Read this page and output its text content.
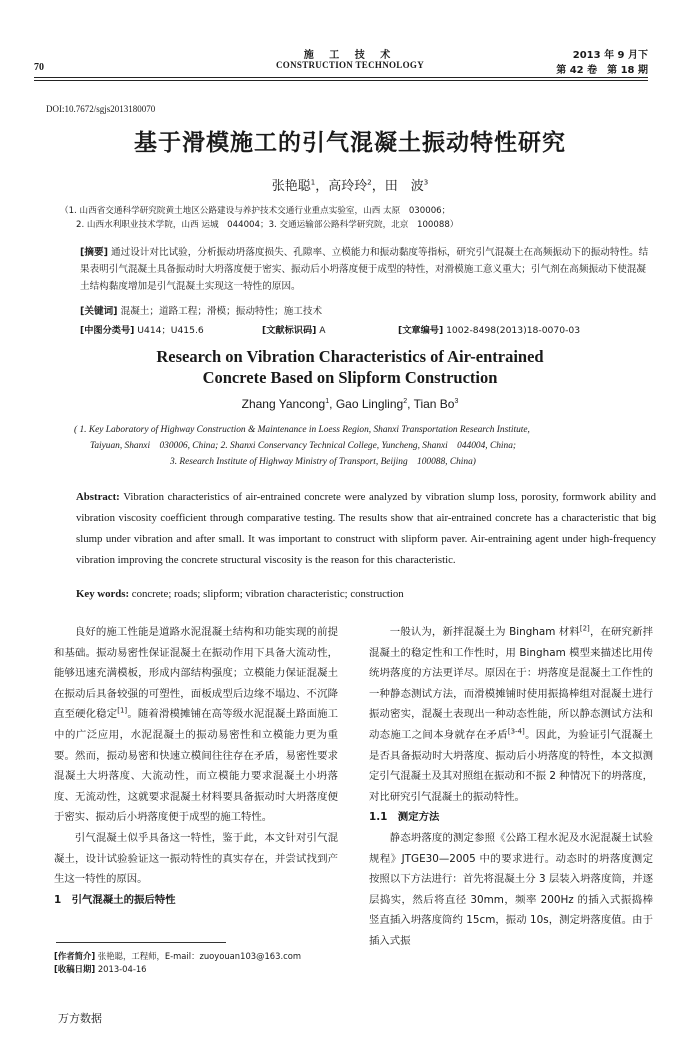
施 工 技 术
CONSTRUCTION TECHNOLOGY
70
2013 年 9 月下
第 42 卷　第 18 期
DOI:10.7672/sgjs2013180070
基于滑模施工的引气混凝土振动特性研究
张艳聪$^1$，高玲玲$^2$，田　波$^3$
（1. 山西省交通科学研究院黄土地区公路建设与养护技术交通行业重点实验室，山西 太原　030006；
2. 山西水利职业技术学院，山西 运城　044004；3. 交通运输部公路科学研究院，北京　100088）
[摘要] 通过设计对比试验，分析振动坍落度损失、孔隙率、立模能力和振动黏度等指标，研究引气混凝土在高频振动下的振动特性。结果表明引气混凝土具备振动时大坍落度便于密实、振动后小坍落度便于成型的特性，对滑模施工意义重大；引气剂在高频振动下使混凝土结构黏度增加是引气混凝土实现这一特性的原因。
[关键词] 混凝土；道路工程；滑模；振动特性；施工技术
[中图分类号] U414；U415.6	[文献标识码] A	[文章编号] 1002-8498(2013)18-0070-03
Research on Vibration Characteristics of Air-entrained
Concrete Based on Slipform Construction
Zhang Yancong$^1$, Gao Lingling$^2$, Tian Bo$^3$
( 1. Key Laboratory of Highway Construction & Maintenance in Loess Region, Shanxi Transportation Research Institute,
Taiyuan, Shanxi　030006, China; 2. Shanxi Conservancy Technical College, Yuncheng, Shanxi　044004, China;
3. Research Institute of Highway Ministry of Transport, Beijing　100088, China)
Abstract: Vibration characteristics of air-entrained concrete were analyzed by vibration slump loss, porosity, formwork ability and vibration viscosity coefficient through comparative testing. The results show that air-entrained concrete has a characteristic that big slump under vibration and after small. It was important to construct with slipform paver. Air-entraining agent under high-frequency vibration improving the concrete structural viscosity is the reason for this characteristic.
Key words: concrete; roads; slipform; vibration characteristic; construction

良好的施工性能是道路水泥混凝土结构和功能实现的前提和基础。振动易密性保证混凝土在振动作用下具备大流动性，能够迅速充满模板，形成内部结构强度；立模能力保证混凝土在振动后具备较强的可塑性，面板成型后边缘不塌边、不沉降直至硬化稳定[1]。随着滑模摊铺在高等级水泥混凝土路面施工中的广泛应用，水泥混凝土的振动易密性和立模能力更为重要。然而，振动易密和快速立模间往往存在矛盾，易密性要求混凝土大坍落度、大流动性，而立模能力要求混凝土小坍落度、无流动性，这就要求混凝土材料要具备振动时大坍落度便于密实、振动后小坍落度便于成型的施工特性。

引气混凝土似乎具备这一特性，鉴于此，本文针对引气混凝土，设计试验验证这一振动特性的真实存在，并尝试找到产生这一特性的原因。

1　引气混凝土的振后特性

一般认为，新拌混凝土为 Bingham 材料[2]，在研究新拌混凝土的稳定性和工作性时，用 Bingham 模型来描述比用传统坍落度的方法更详尽。原因在于：坍落度是混凝土工作性的一种静态测试方法，而滑模摊铺时使用振捣棒组对混凝土进行振动密实，混凝土表现出一种动态性能，所以静态测试方法和动态施工之间本身就存在矛盾[3-4]。因此，为验证引气混凝土是否具备振动时大坍落度、振动后小坍落度的特性，本文拟测定引气混凝土及其对照组在振动和不振 2 种情况下的坍落度，对比研究引气混凝土的振动特性。

1.1　测定方法

静态坍落度的测定参照《公路工程水泥及水泥混凝土试验规程》JTGE30—2005 中的要求进行。动态时的坍落度测定按照以下方法进行：首先将混凝土分 3 层装入坍落度筒，并逐层捣实，然后将直径 30mm，频率 200Hz 的插入式振捣棒竖直插入坍落度筒约 15cm，振动 10s，测定坍落度值。由于插入式振

[作者简介] 张艳聪，工程师，E-mail：zuoyouan103@163.com
[收稿日期] 2013-04-16
万方数据
